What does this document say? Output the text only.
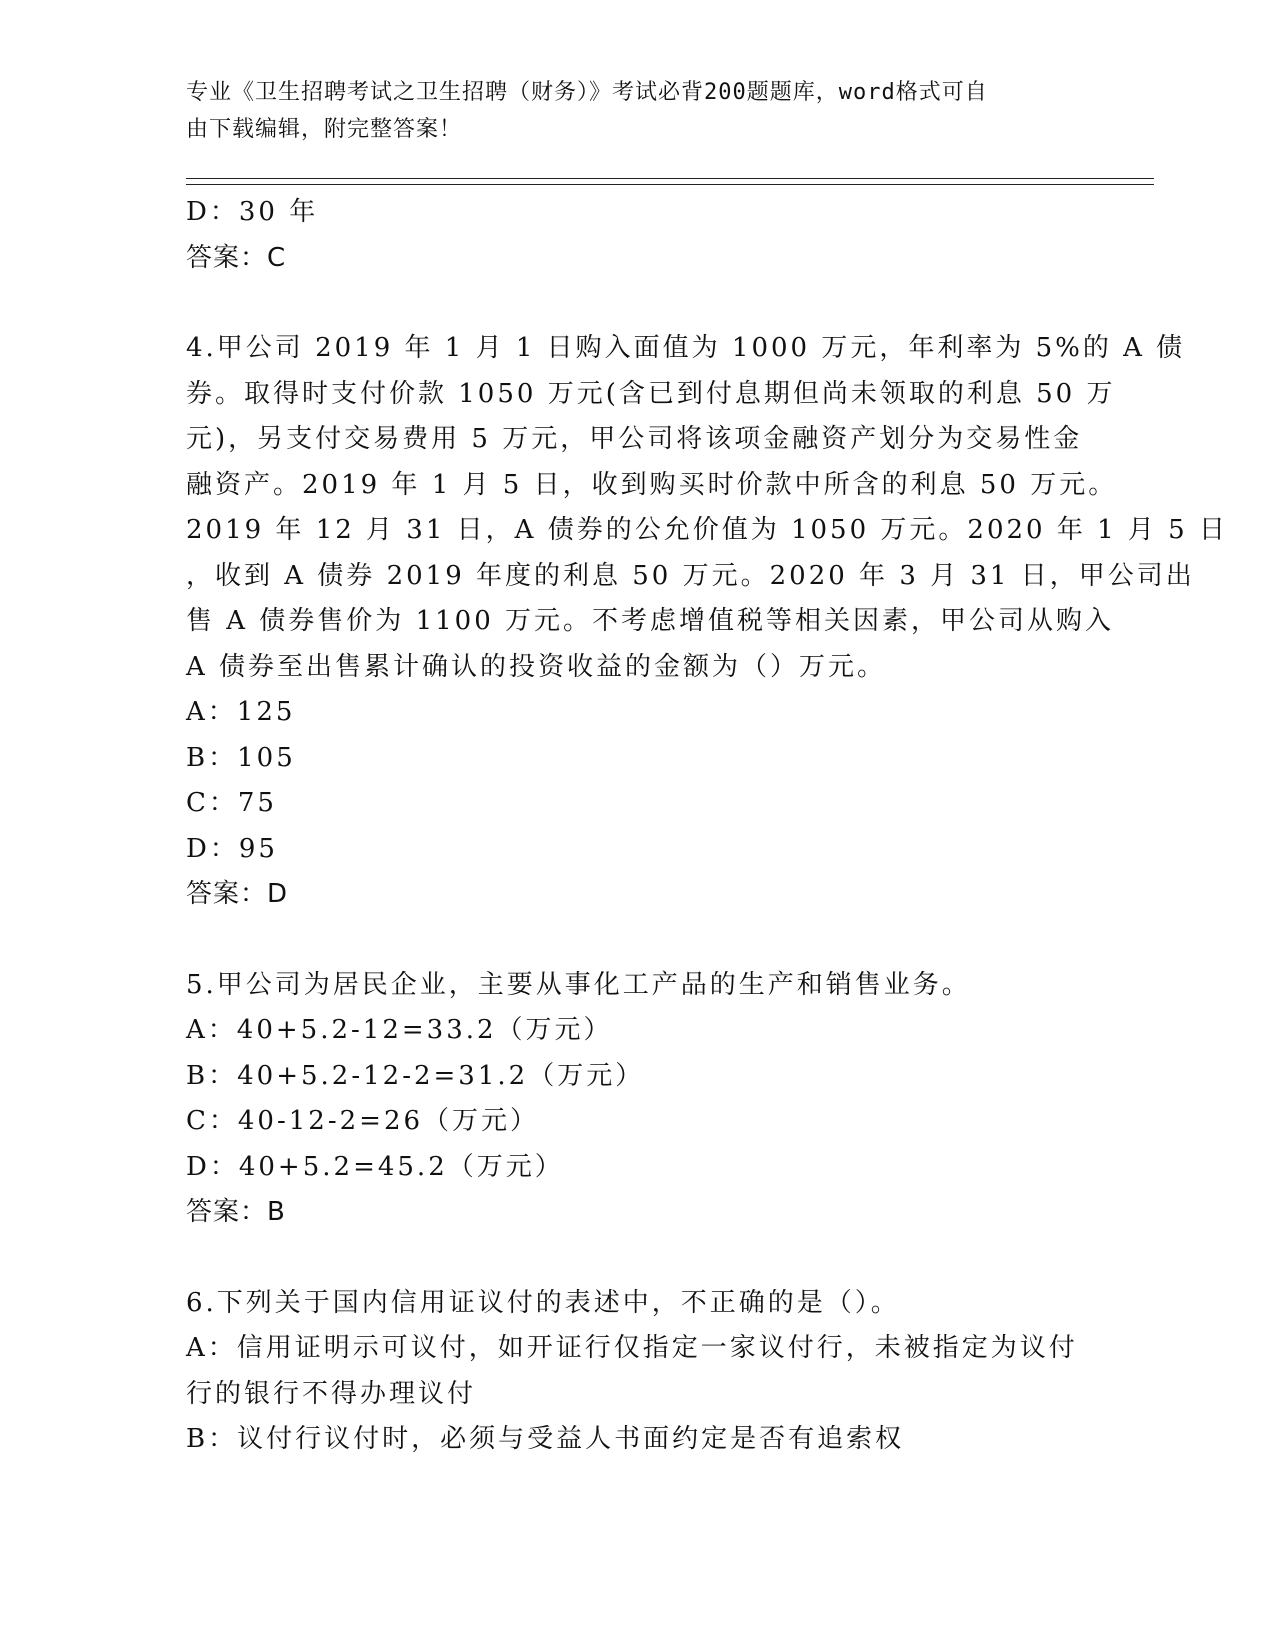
专业《卫生招聘考试之卫生招聘（财务）》考试必背200题题库，word格式可自
由下载编辑，附完整答案！
D：30 年
答案：C
4.甲公司 2019 年 1 月 1 日购入面值为 1000 万元，年利率为 5%的 A 债
券。取得时支付价款 1050 万元(含已到付息期但尚未领取的利息 50 万
元)，另支付交易费用 5 万元，甲公司将该项金融资产划分为交易性金
融资产。2019 年 1 月 5 日，收到购买时价款中所含的利息 50 万元。
2019 年 12 月 31 日，A 债券的公允价值为 1050 万元。2020 年 1 月 5 日
，收到 A 债券 2019 年度的利息 50 万元。2020 年 3 月 31 日，甲公司出
售 A 债券售价为 1100 万元。不考虑增值税等相关因素，甲公司从购入
A 债券至出售累计确认的投资收益的金额为（）万元。
A：125
B：105
C：75
D：95
答案：D
5.甲公司为居民企业，主要从事化工产品的生产和销售业务。
A：40+5.2-12=33.2（万元）
B：40+5.2-12-2=31.2（万元）
C：40-12-2=26（万元）
D：40+5.2=45.2（万元）
答案：B
6.下列关于国内信用证议付的表述中，不正确的是（）。
A：信用证明示可议付，如开证行仅指定一家议付行，未被指定为议付
行的银行不得办理议付
B：议付行议付时，必须与受益人书面约定是否有追索权
